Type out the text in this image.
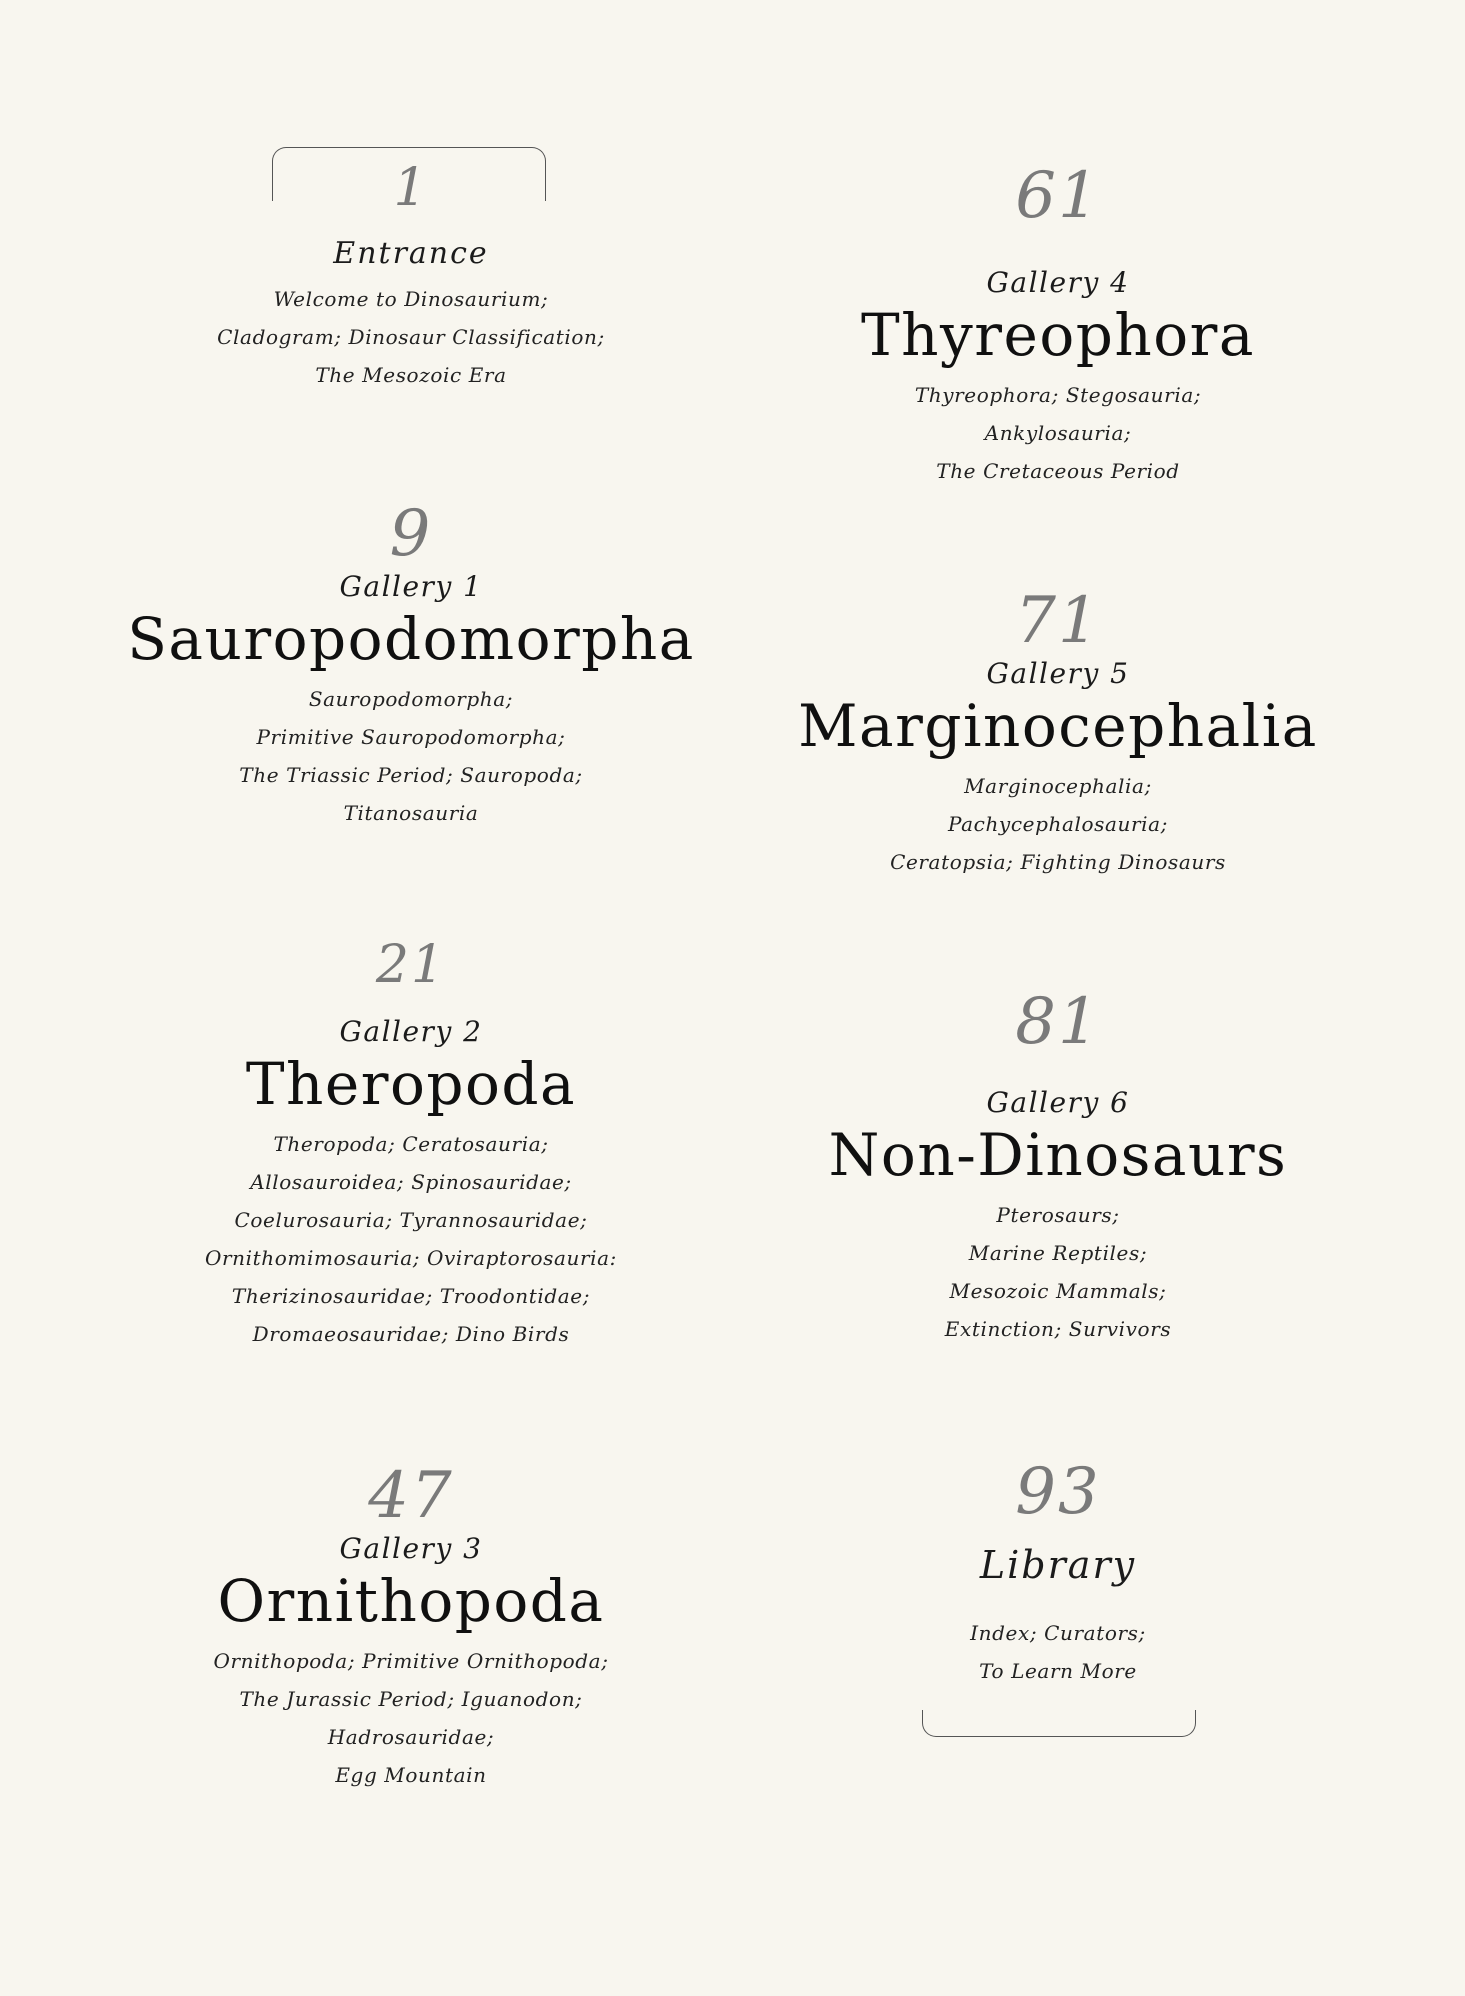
1
Entrance
Welcome to Dinosaurium;
Cladogram; Dinosaur Classification;
The Mesozoic Era
9
Gallery 1
Sauropodomorpha
Sauropodomorpha;
Primitive Sauropodomorpha;
The Triassic Period; Sauropoda;
Titanosauria
21
Gallery 2
Theropoda
Theropoda; Ceratosauria;
Allosauroidea; Spinosauridae;
Coelurosauria; Tyrannosauridae;
Ornithomimosauria; Oviraptorosauria:
Therizinosauridae; Troodontidae;
Dromaeosauridae; Dino Birds
47
Gallery 3
Ornithopoda
Ornithopoda; Primitive Ornithopoda;
The Jurassic Period; Iguanodon;
Hadrosauridae;
Egg Mountain
61
Gallery 4
Thyreophora
Thyreophora; Stegosauria;
Ankylosauria;
The Cretaceous Period
71
Gallery 5
Marginocephalia
Marginocephalia;
Pachycephalosauria;
Ceratopsia; Fighting Dinosaurs
81
Gallery 6
Non-Dinosaurs
Pterosaurs;
Marine Reptiles;
Mesozoic Mammals;
Extinction; Survivors
93
Library
Index; Curators;
To Learn More
